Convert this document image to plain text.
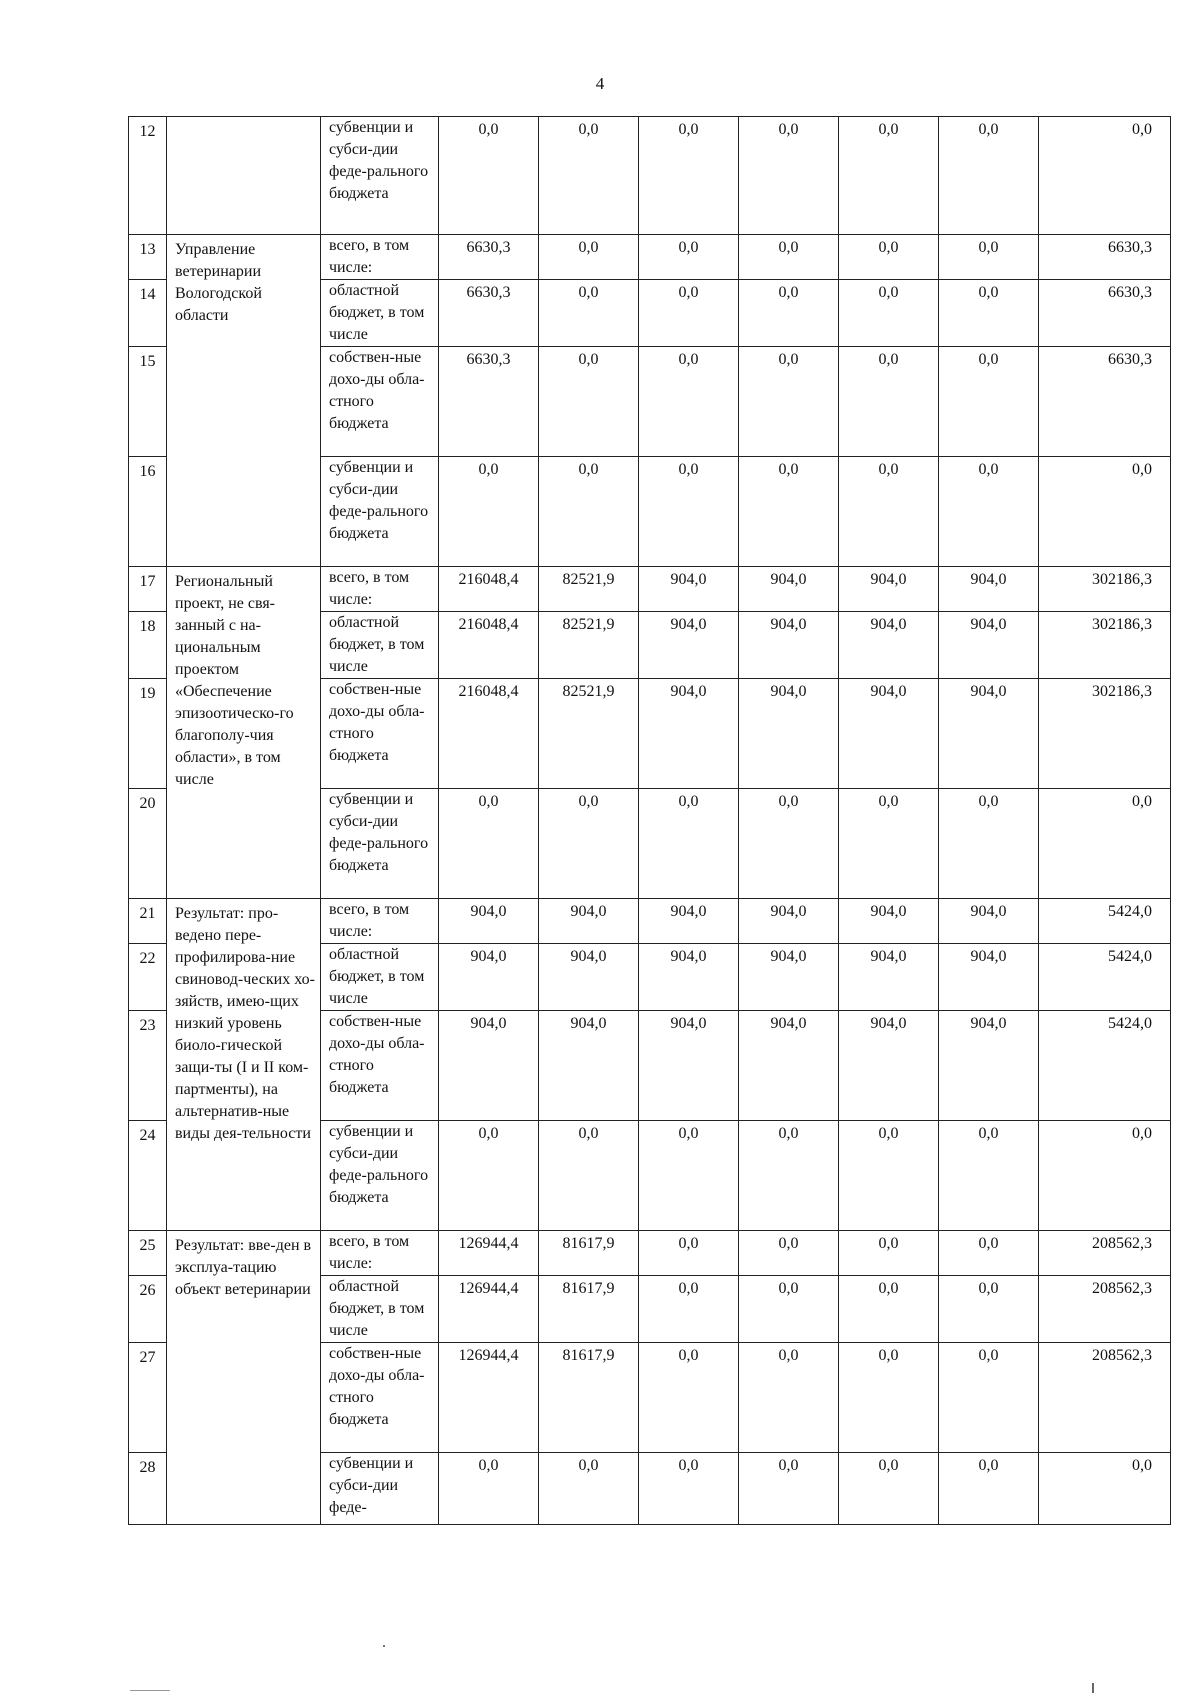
4
12		субвенции и субси-дии феде-рального бюджета	0,0	0,0	0,0	0,0	0,0	0,0	0,0
13	Управление ветеринарии Вологодской области	всего, в том числе:	6630,3	0,0	0,0	0,0	0,0	0,0	6630,3
14		областной бюджет, в том числе	6630,3	0,0	0,0	0,0	0,0	0,0	6630,3
15		собствен-ные дохо-ды обла-стного бюджета	6630,3	0,0	0,0	0,0	0,0	0,0	6630,3
16		субвенции и субси-дии феде-рального бюджета	0,0	0,0	0,0	0,0	0,0	0,0	0,0
17	Региональный проект, не свя-занный с на-циональным проектом «Обеспечение эпизоотическо-го благополу-чия области», в том числе	всего, в том числе:	216048,4	82521,9	904,0	904,0	904,0	904,0	302186,3
18		областной бюджет, в том числе	216048,4	82521,9	904,0	904,0	904,0	904,0	302186,3
19		собствен-ные дохо-ды обла-стного бюджета	216048,4	82521,9	904,0	904,0	904,0	904,0	302186,3
20		субвенции и субси-дии феде-рального бюджета	0,0	0,0	0,0	0,0	0,0	0,0	0,0
21	Результат: про-ведено пере-профилирова-ние свиновод-ческих хо-зяйств, имею-щих низкий уровень биоло-гической защи-ты (I и II ком-партменты), на альтернатив-ные виды дея-тельности	всего, в том числе:	904,0	904,0	904,0	904,0	904,0	904,0	5424,0
22		областной бюджет, в том числе	904,0	904,0	904,0	904,0	904,0	904,0	5424,0
23		собствен-ные дохо-ды обла-стного бюджета	904,0	904,0	904,0	904,0	904,0	904,0	5424,0
24		субвенции и субси-дии феде-рального бюджета	0,0	0,0	0,0	0,0	0,0	0,0	0,0
25	Результат: вве-ден в эксплуа-тацию объект ветеринарии	всего, в том числе:	126944,4	81617,9	0,0	0,0	0,0	0,0	208562,3
26		областной бюджет, в том числе	126944,4	81617,9	0,0	0,0	0,0	0,0	208562,3
27		собствен-ные дохо-ды обла-стного бюджета	126944,4	81617,9	0,0	0,0	0,0	0,0	208562,3
28		субвенции и субси-дии феде-	0,0	0,0	0,0	0,0	0,0	0,0	0,0
